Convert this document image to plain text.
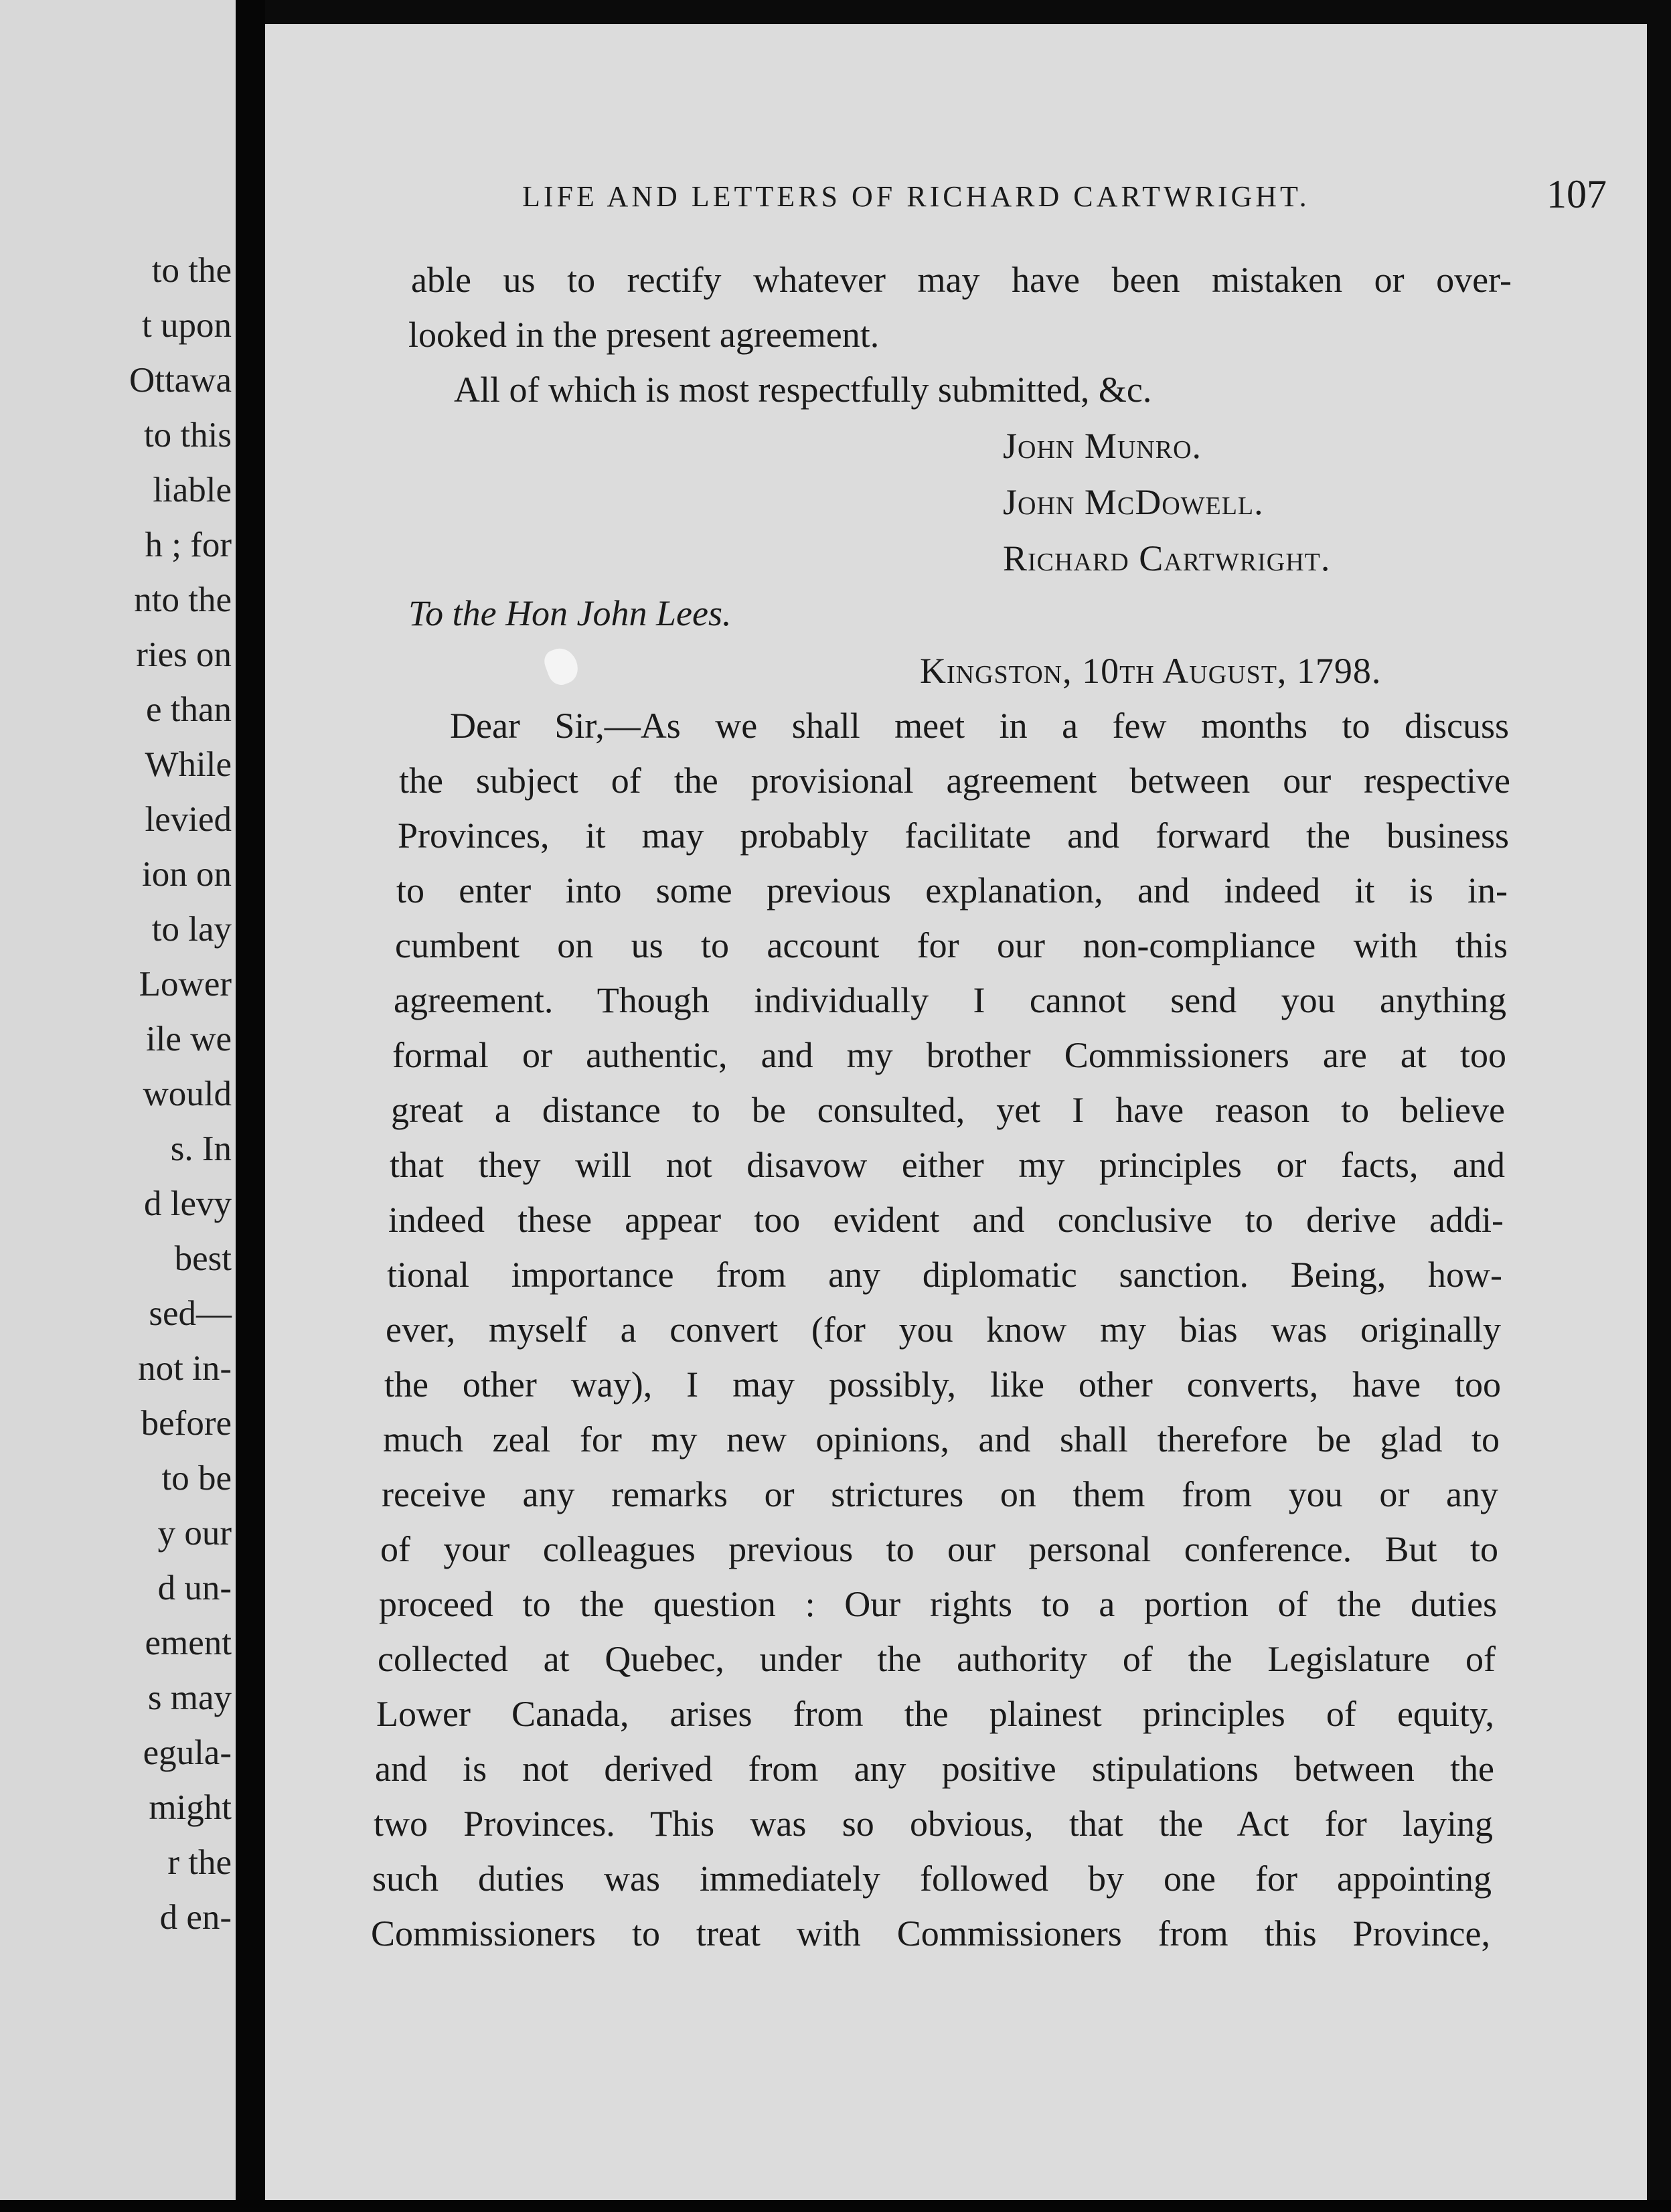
to the
t upon
Ottawa
to this
liable
h ; for
nto the
ries on
e than
While
levied
ion on
to lay
Lower
ile we
would
s. In
d levy
best
sed—
not in-
before
to be
y our
d un-
ement
s may
egula-
might
r the
d en-
LIFE AND LETTERS OF RICHARD CARTWRIGHT.	107
able us to rectify whatever may have been mistaken or over-
looked in the present agreement.
All of which is most respectfully submitted, &c.
John Munro.
John McDowell.
Richard Cartwright.
To the Hon John Lees.
Kingston, 10th August, 1798.
Dear Sir,—As we shall meet in a few months to discuss
the subject of the provisional agreement between our respective
Provinces, it may probably facilitate and forward the business
to enter into some previous explanation, and indeed it is in-
cumbent on us to account for our non-compliance with this
agreement. Though individually I cannot send you anything
formal or authentic, and my brother Commissioners are at too
great a distance to be consulted, yet I have reason to believe
that they will not disavow either my principles or facts, and
indeed these appear too evident and conclusive to derive addi-
tional importance from any diplomatic sanction. Being, how-
ever, myself a convert (for you know my bias was originally
the other way), I may possibly, like other converts, have too
much zeal for my new opinions, and shall therefore be glad to
receive any remarks or strictures on them from you or any
of your colleagues previous to our personal conference. But to
proceed to the question : Our rights to a portion of the duties
collected at Quebec, under the authority of the Legislature of
Lower Canada, arises from the plainest principles of equity,
and is not derived from any positive stipulations between the
two Provinces. This was so obvious, that the Act for laying
such duties was immediately followed by one for appointing
Commissioners to treat with Commissioners from this Province,
